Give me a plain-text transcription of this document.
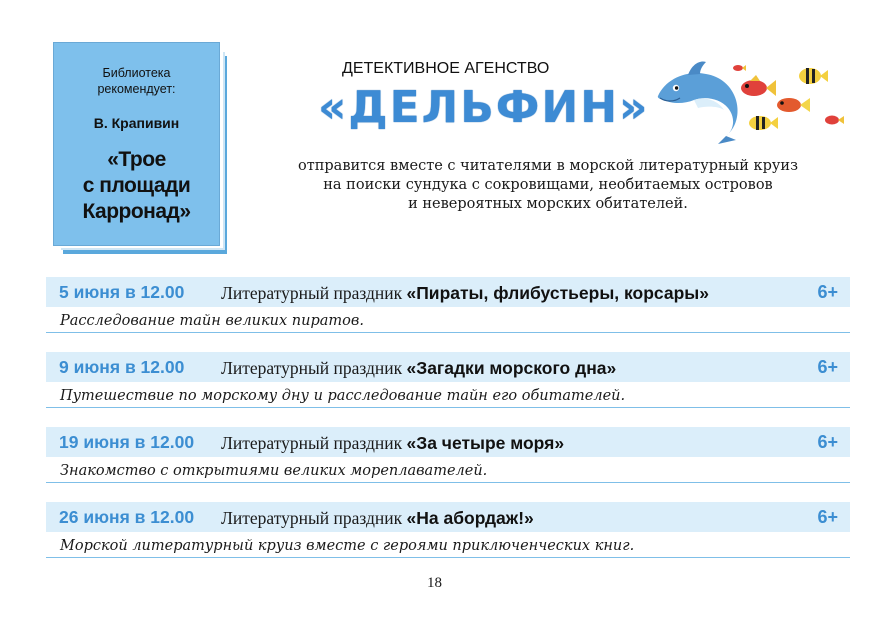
Библиотека
рекомендует:
В. Крапивин
«Трое
с площади
Карронад»
ДЕТЕКТИВНОЕ АГЕНСТВО
«ДЕЛЬФИН»
отправится вместе с читателями в морской литературный круиз
на поиски сундука с сокровищами, необитаемых островов
и невероятных морских обитателей.
5 июня в 12.00 Литературный праздник «Пираты, флибустьеры, корсары»	6+
Расследование тайн великих пиратов.
9 июня в 12.00 Литературный праздник «Загадки морского дна»	6+
Путешествие по морскому дну и расследование тайн его обитателей.
19 июня в 12.00 Литературный праздник «За четыре моря»	6+
Знакомство с открытиями великих мореплавателей.
26 июня в 12.00 Литературный праздник «На абордаж!»	6+
Морской литературный круиз вместе с героями приключенческих книг.
18
